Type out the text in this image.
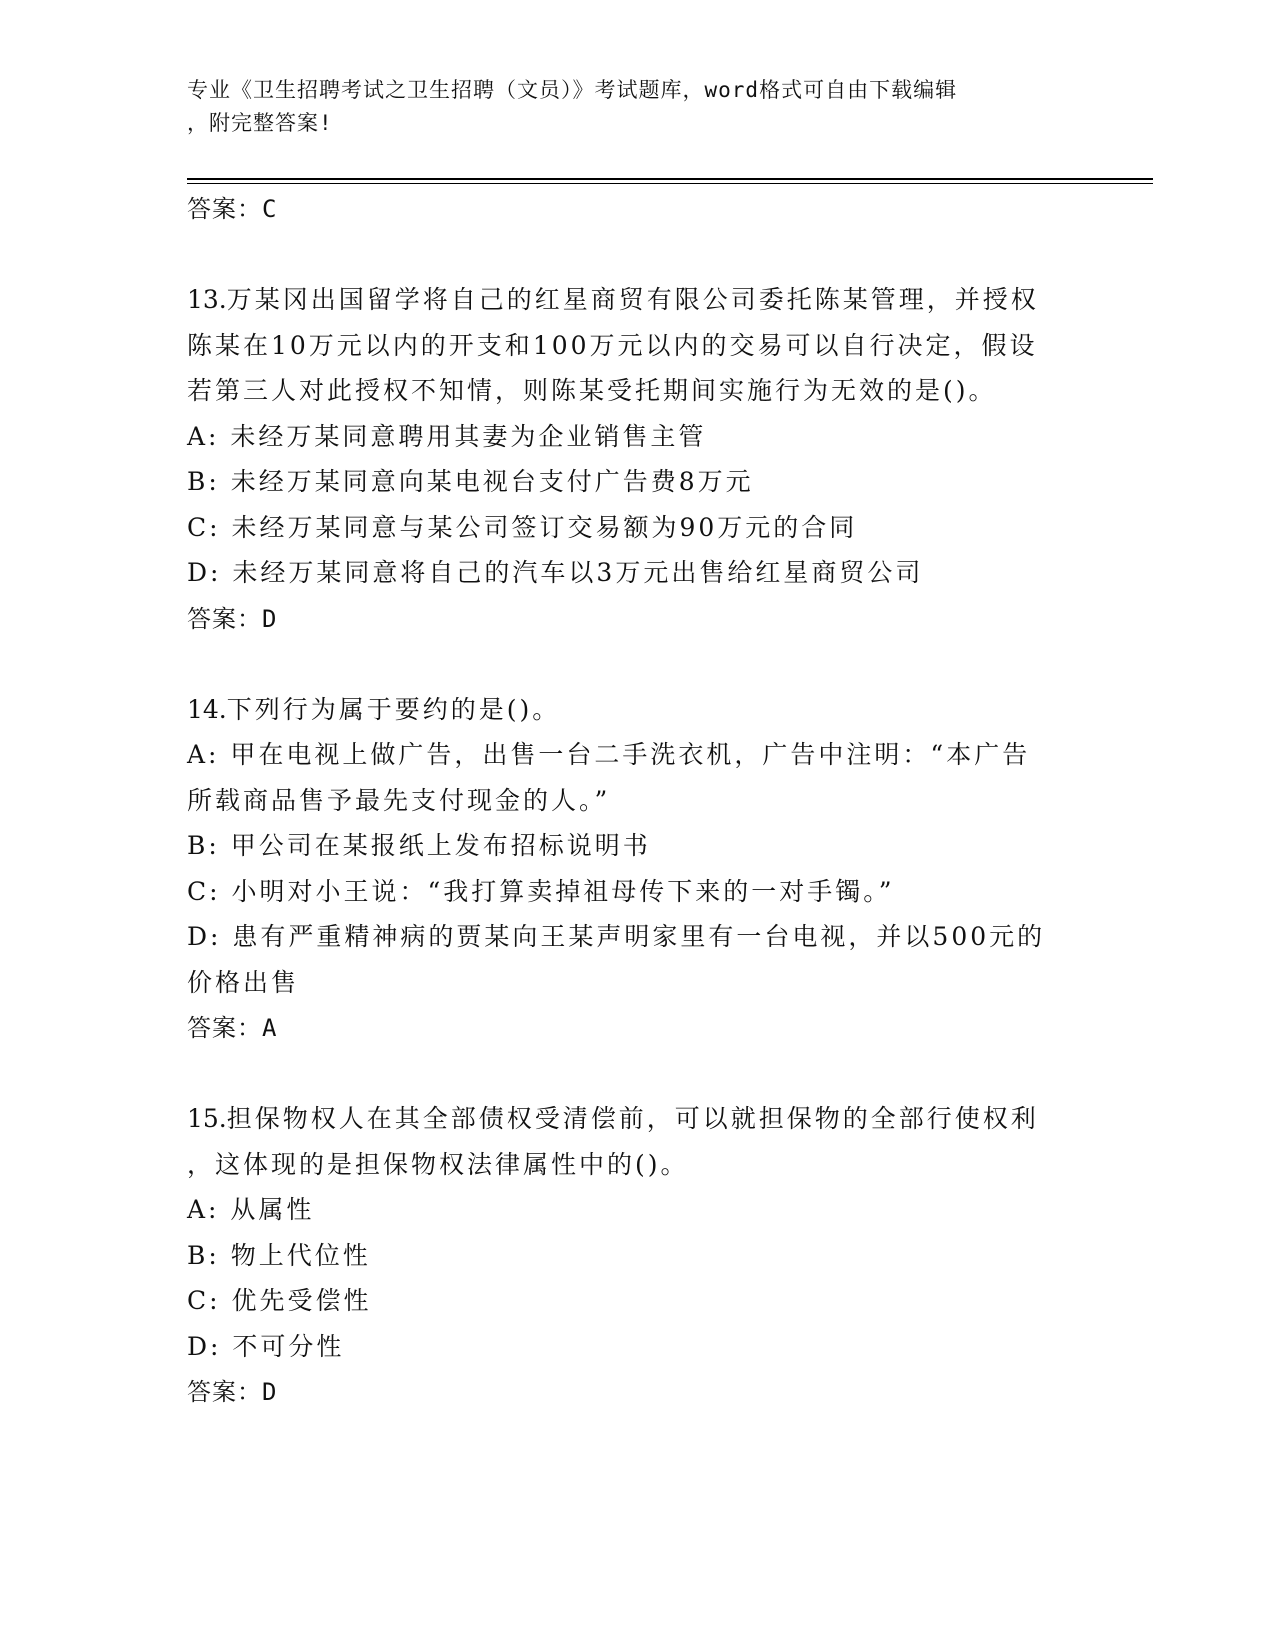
专业《卫生招聘考试之卫生招聘（文员）》考试题库，word格式可自由下载编辑
，附完整答案!
答案：C
13.万某冈出国留学将自己的红星商贸有限公司委托陈某管理，并授权
陈某在10万元以内的开支和100万元以内的交易可以自行决定，假设
若第三人对此授权不知情，则陈某受托期间实施行为无效的是()。
A: 未经万某同意聘用其妻为企业销售主管
B: 未经万某同意向某电视台支付广告费8万元
C: 未经万某同意与某公司签订交易额为90万元的合同
D: 未经万某同意将自己的汽车以3万元出售给红星商贸公司
答案：D
14.下列行为属于要约的是()。
A: 甲在电视上做广告，出售一台二手洗衣机，广告中注明：“本广告
所载商品售予最先支付现金的人。”
B: 甲公司在某报纸上发布招标说明书
C: 小明对小王说：“我打算卖掉祖母传下来的一对手镯。”
D: 患有严重精神病的贾某向王某声明家里有一台电视，并以500元的
价格出售
答案：A
15.担保物权人在其全部债权受清偿前，可以就担保物的全部行使权利
，这体现的是担保物权法律属性中的()。
A: 从属性
B: 物上代位性
C: 优先受偿性
D: 不可分性
答案：D
